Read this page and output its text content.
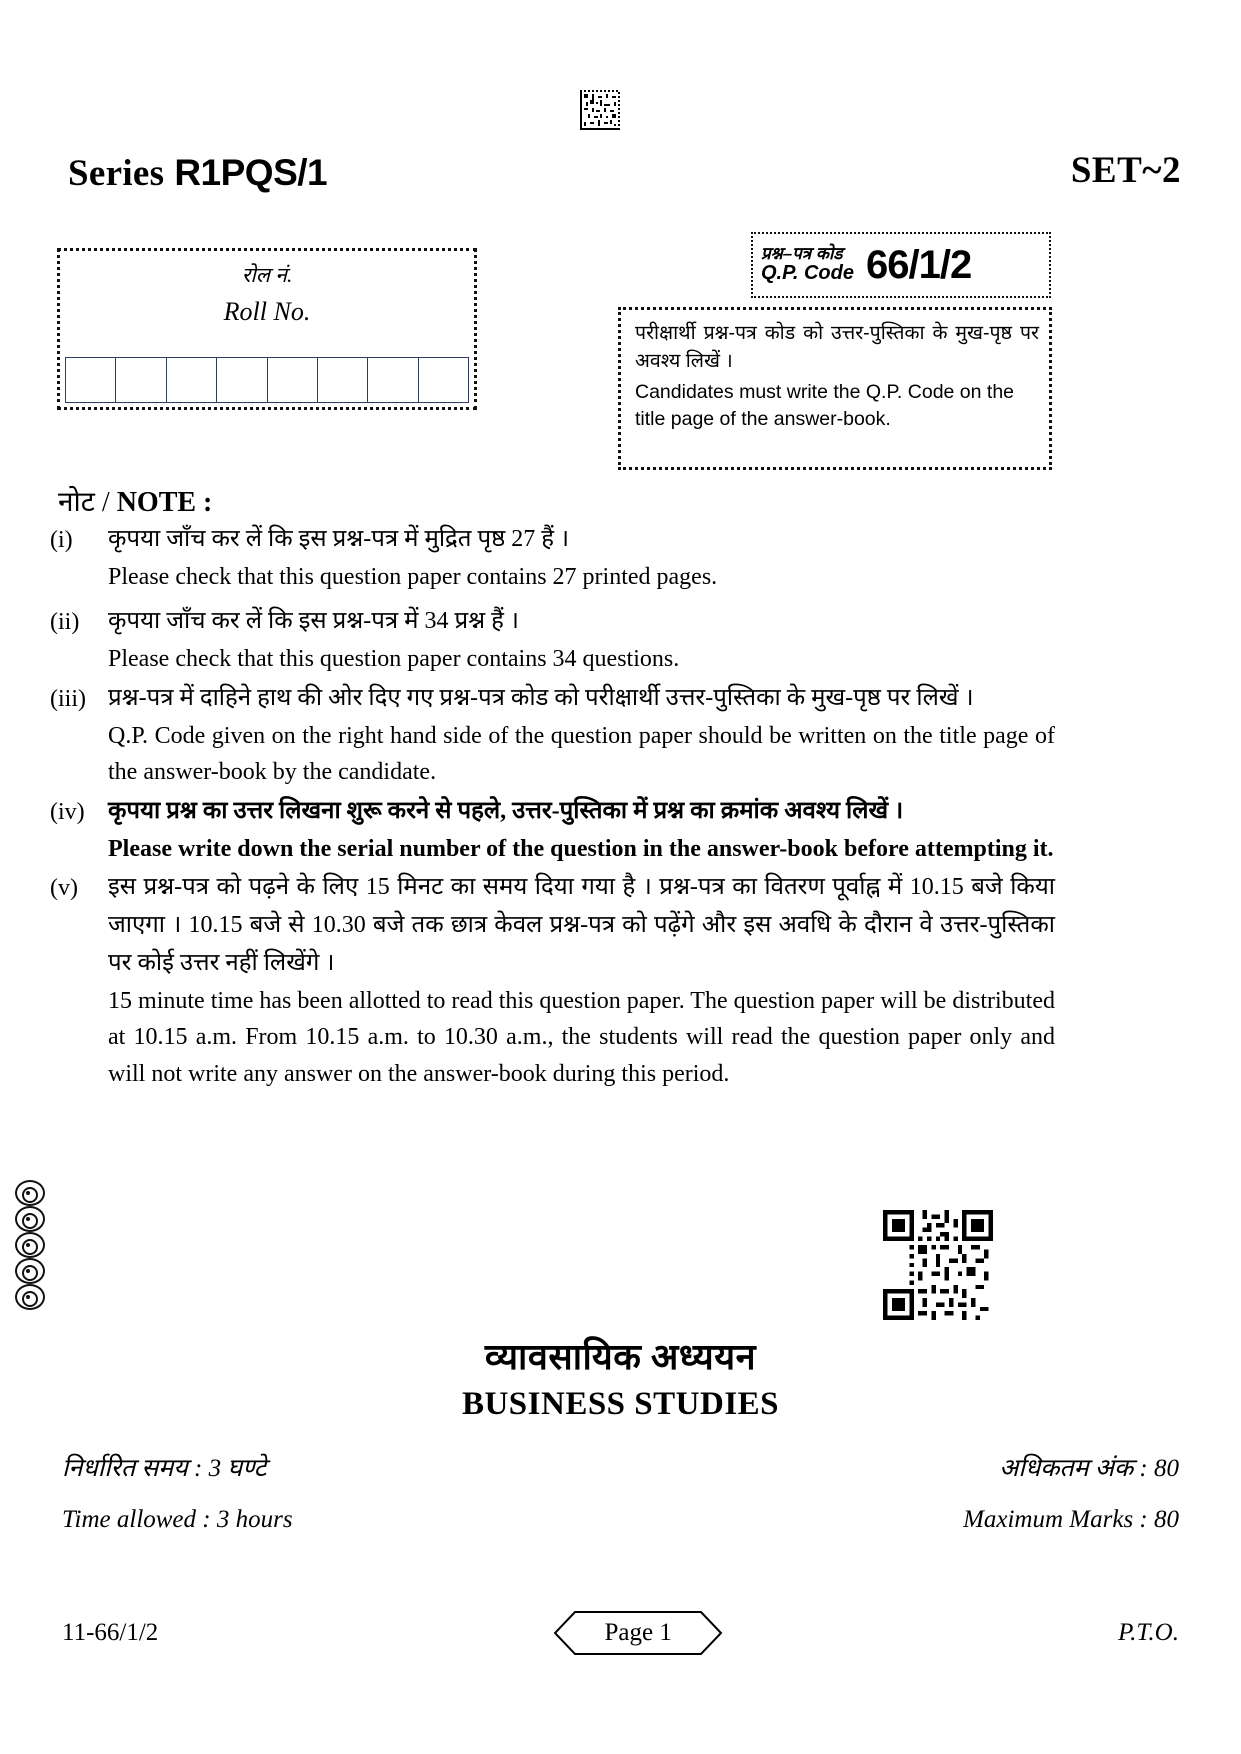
Series R1PQS/1	SET~2
रोल नं.
Roll No.
प्रश्न–पत्र कोड
Q.P. Code 66/1/2
परीक्षार्थी प्रश्न-पत्र कोड को उत्तर-पुस्तिका के मुख-पृष्ठ पर अवश्य लिखें ।
Candidates must write the Q.P. Code on the title page of the answer-book.
नोट / NOTE :
(i)	कृपया जाँच कर लें कि इस प्रश्न-पत्र में मुद्रित पृष्ठ 27 हैं ।
Please check that this question paper contains 27 printed pages.
(ii)	कृपया जाँच कर लें कि इस प्रश्न-पत्र में 34 प्रश्न हैं ।
Please check that this question paper contains 34 questions.
(iii) प्रश्न-पत्र में दाहिने हाथ की ओर दिए गए प्रश्न-पत्र कोड को परीक्षार्थी उत्तर-पुस्तिका के मुख-पृष्ठ पर लिखें ।
Q.P. Code given on the right hand side of the question paper should be written on the title page of the answer-book by the candidate.
(iv) कृपया प्रश्न का उत्तर लिखना शुरू करने से पहले, उत्तर-पुस्तिका में प्रश्न का क्रमांक अवश्य लिखें ।
Please write down the serial number of the question in the answer-book before attempting it.
(v)	इस प्रश्न-पत्र को पढ़ने के लिए 15 मिनट का समय दिया गया है । प्रश्न-पत्र का वितरण पूर्वाह्न में 10.15 बजे किया जाएगा । 10.15 बजे से 10.30 बजे तक छात्र केवल प्रश्न-पत्र को पढ़ेंगे और इस अवधि के दौरान वे उत्तर-पुस्तिका पर कोई उत्तर नहीं लिखेंगे ।
15 minute time has been allotted to read this question paper. The question paper will be distributed at 10.15 a.m. From 10.15 a.m. to 10.30 a.m., the students will read the question paper only and will not write any answer on the answer-book during this period.
व्यावसायिक अध्ययन
BUSINESS STUDIES
निर्धारित समय : 3 घण्टे	अधिकतम अंक : 80
Time allowed : 3 hours	Maximum Marks : 80
11-66/1/2	Page 1	P.T.O.
